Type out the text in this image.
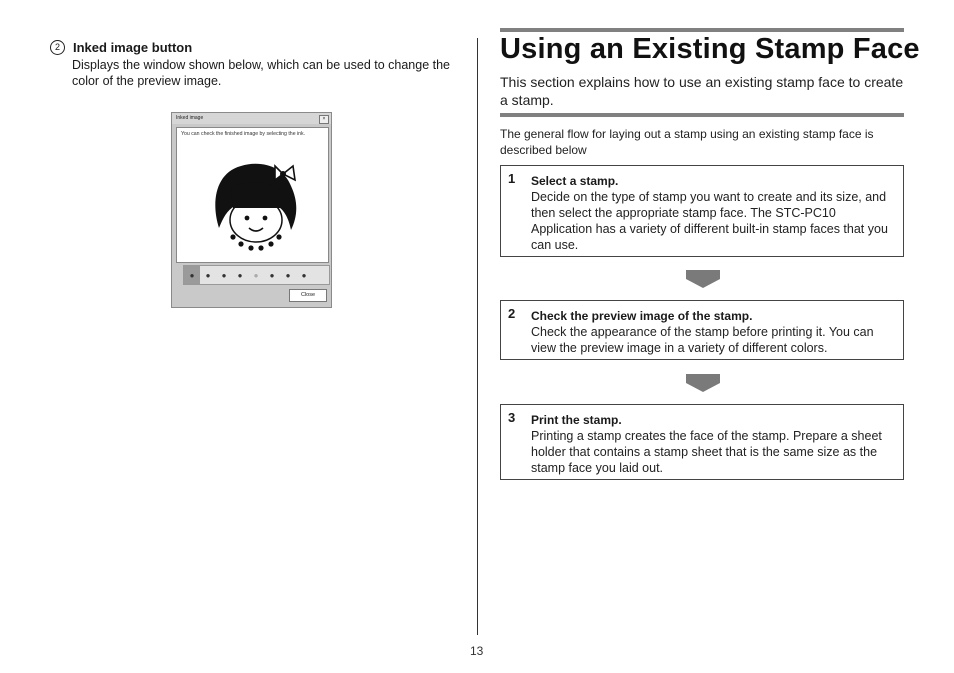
2	Inked image button
Displays the window shown below, which can be used to change the color of the preview image.
Inked image	×
You can check the finished image by selecting the ink.
●	●	●	●	●	●	●	●
Close
13
Using an Existing Stamp Face
This section explains how to use an existing stamp face to create a stamp.
The general flow for laying out a stamp using an existing stamp face is described below
1 Select a stamp.
Decide on the type of stamp you want to create and its size, and then select the appropriate stamp face. The STC-PC10 Application has a variety of different built-in stamp faces that you can use.
2 Check the preview image of the stamp.
Check the appearance of the stamp before printing it. You can view the preview image in a variety of different colors.
3 Print the stamp.
Printing a stamp creates the face of the stamp. Prepare a sheet holder that contains a stamp sheet that is the same size as the stamp face you laid out.
